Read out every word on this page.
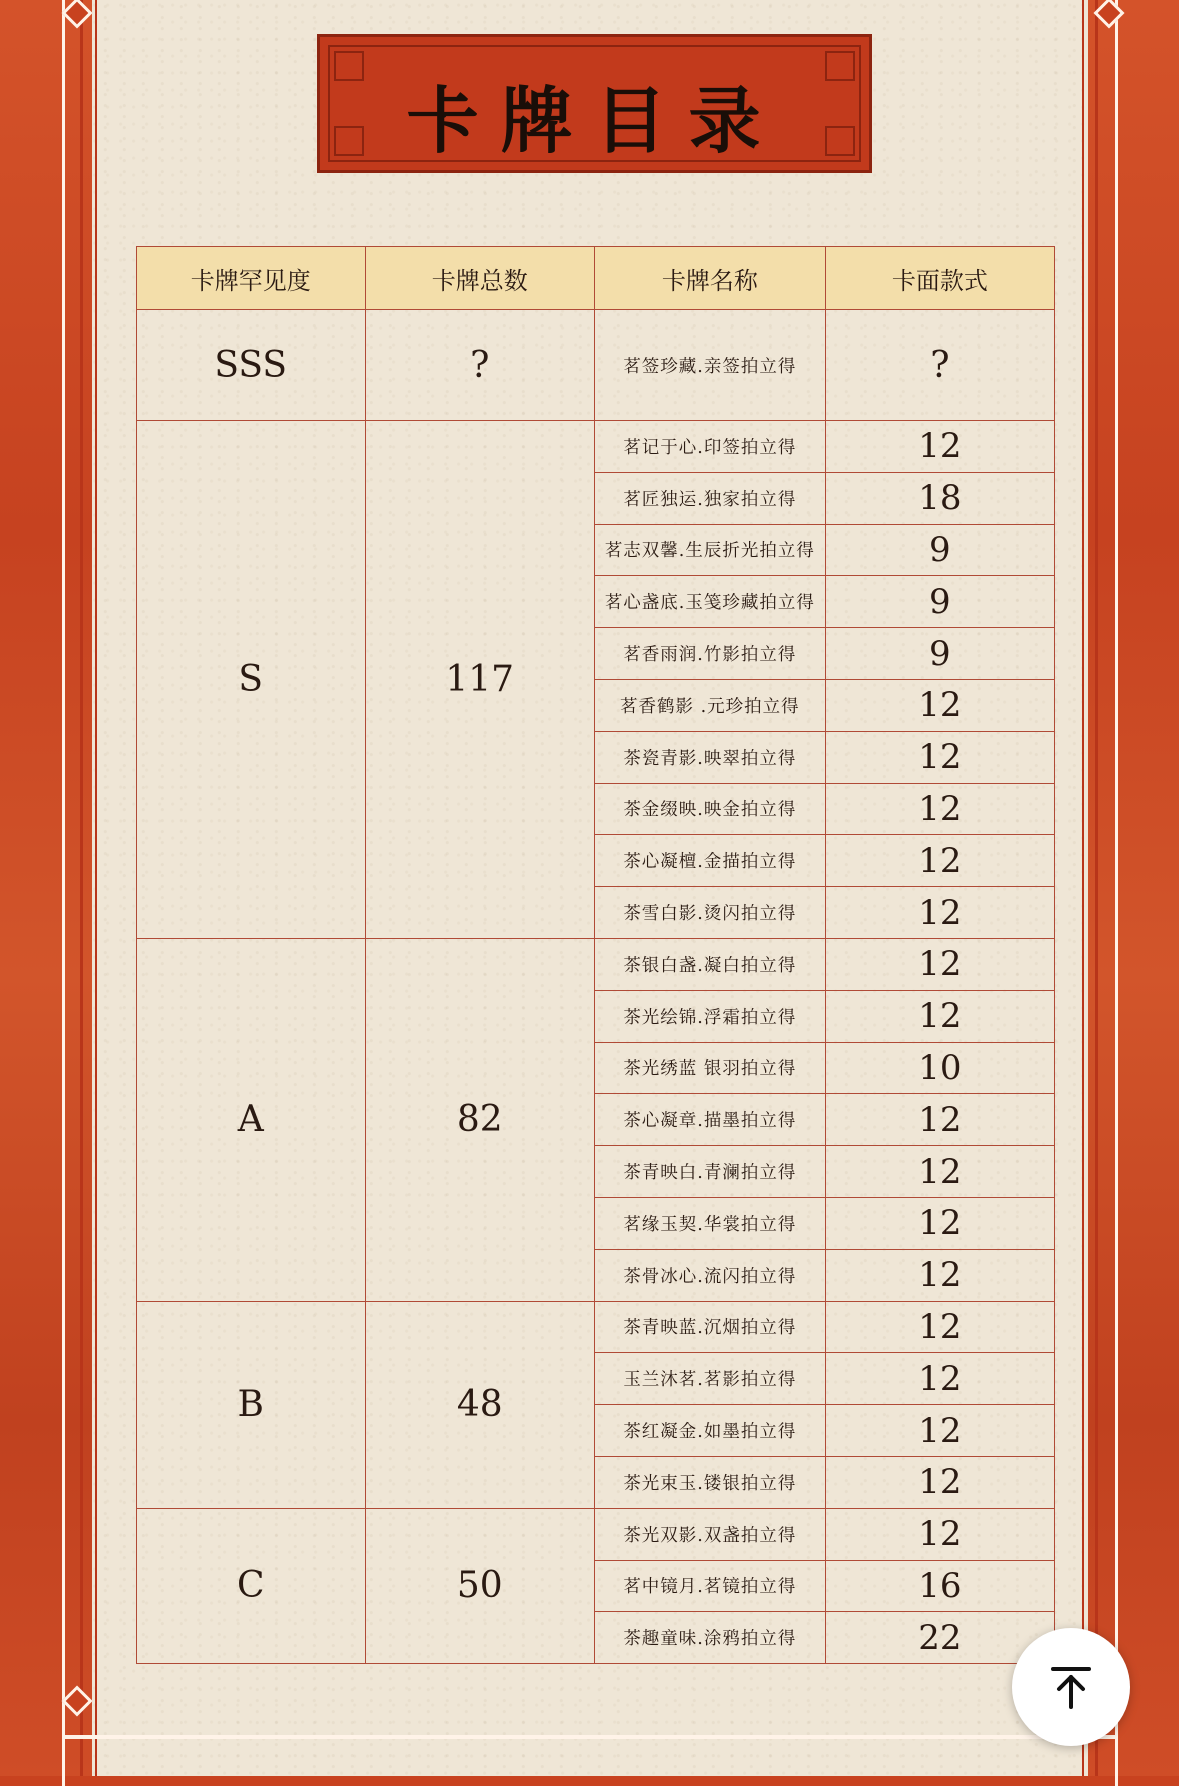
卡牌目录
卡牌罕见度	卡牌总数	卡牌名称	卡面款式
SSS	?	茗签珍藏.亲签拍立得	?
S	117	茗记于心.印签拍立得	12
		茗匠独运.独家拍立得	18
		茗志双馨.生辰折光拍立得	9
		茗心盏底.玉笺珍藏拍立得	9
		茗香雨润.竹影拍立得	9
		茗香鹤影 .元珍拍立得	12
		茶瓷青影.映翠拍立得	12
		茶金缀映.映金拍立得	12
		茶心凝檀.金描拍立得	12
		茶雪白影.烫闪拍立得	12
A	82	茶银白盏.凝白拍立得	12
		茶光绘锦.浮霜拍立得	12
		茶光绣蓝 银羽拍立得	10
		茶心凝章.描墨拍立得	12
		茶青映白.青澜拍立得	12
		茗缘玉契.华裳拍立得	12
		茶骨冰心.流闪拍立得	12
B	48	茶青映蓝.沉烟拍立得	12
		玉兰沐茗.茗影拍立得	12
		茶红凝金.如墨拍立得	12
		茶光束玉.镂银拍立得	12
C	50	茶光双影.双盏拍立得	12
		茗中镜月.茗镜拍立得	16
		茶趣童味.涂鸦拍立得	22
